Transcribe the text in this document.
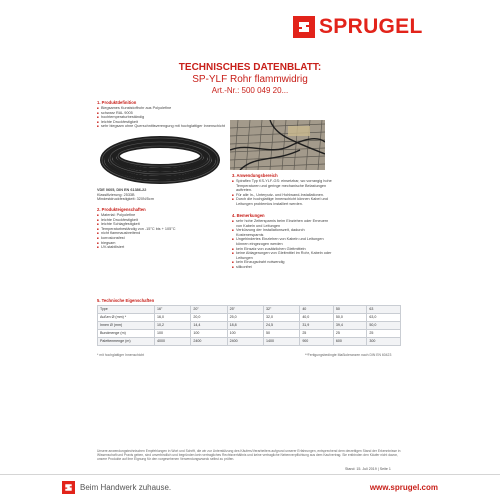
SPRUGEL
TECHNISCHES DATENBLATT:
SP-YLF Rohr flammwidrig
Art.-Nr.: 500 049 20...
1. Produktdefinition
■ Biegsames Kunststoffrohr aus Polyolefine
■ schwarz RAL 9005
■ hochtemperaturbeständig
■ leichte Druckfestigkeit
■ sehr biegsam ohne Querschnittsverengung mit hochglattiger Innenschicht
3. Anwendungsbereich
■ Spiraflex Typ KS-YLF-GS: einsetzbar, wo vorrangig hohe Temperaturen und geringe mechanische Belastungen auftreten.
■ Für alle In-, Unterputz- und Hohlwand-Installationen.
■ Durch die hochglattige Innenschicht können Kabel und Leitungen problemlos installiert werden.
4. Bemerkungen
■ sehr hohe Zeitersparnis beim Einziehen oder Erneuern von Kabeln und Leitungen
■ Verkürzung der Installationszeit, dadurch Kostenersparnis
■ Ungehindertes Einziehen von Kabeln und Leitungen können eingezogen werden
■ kein Einsatz von zusätzlichen Gleitmitteln
■ keine Ablagerungen von Gleitmittel im Rohr, Kabeln oder Leitungen
■ kein Einzugsdraht notwendig
■ silikonfrei
VDE 0605, DIN EN 61386-22
Klassifizierung: 2533B
Mindestdruckfestigkeit: 320N/5cm
2. Produkteigenschaften
■ Material: Polyolefine
■ leichte Druckfestigkeit
■ leichte Schlagfestigkeit
■ Temperaturbeständig von -15°C bis + 105°C
■ nicht flammausbreitend
■ korrosionsfest
■ biegsam
■ UV-stabilisiert
5. Technische Eigenschaften
Type	16"	20"	25"	32"	40	50	63
Außen Ø (mm) *	16,0	20,0	25,0	32,0	40,0	50,0	63,0
Innen Ø (mm)	10,2	14,4	18,8	24,5	31,9	39,4	50,0
Bundmenge (m)	100	100	100	50	25	25	25
Palettenmenge (m)	4000	2400	2400	1400	900	600	300
* mit hochglattiger Innenschicht	**Fertigungsbedingte Maßtoleranzen nach DIN EN 60423
Unsere anwendungstechnischen Empfehlungen in Wort und Schrift, die wir zur Unterstützung des Käufers/Verarbeiters aufgrund unserer Erfahrungen, entsprechend dem derzeitigen Stand der Erkenntnisse in Wissenschaft und Praxis geben, sind unverbindlich und begründen kein vertragliches Rechtsverhältnis und keine vertragliche Nebenverpflichtung aus dem Kaufvertrag. Sie entbinden den Käufer nicht davon, unsere Produkte auf ihre Eignung für den vorgesehenen Verwendungszweck selbst zu prüfen.
Stand: 15. Juli 2019 | Seite 1
Beim Handwerk zuhause.	www.sprugel.com
